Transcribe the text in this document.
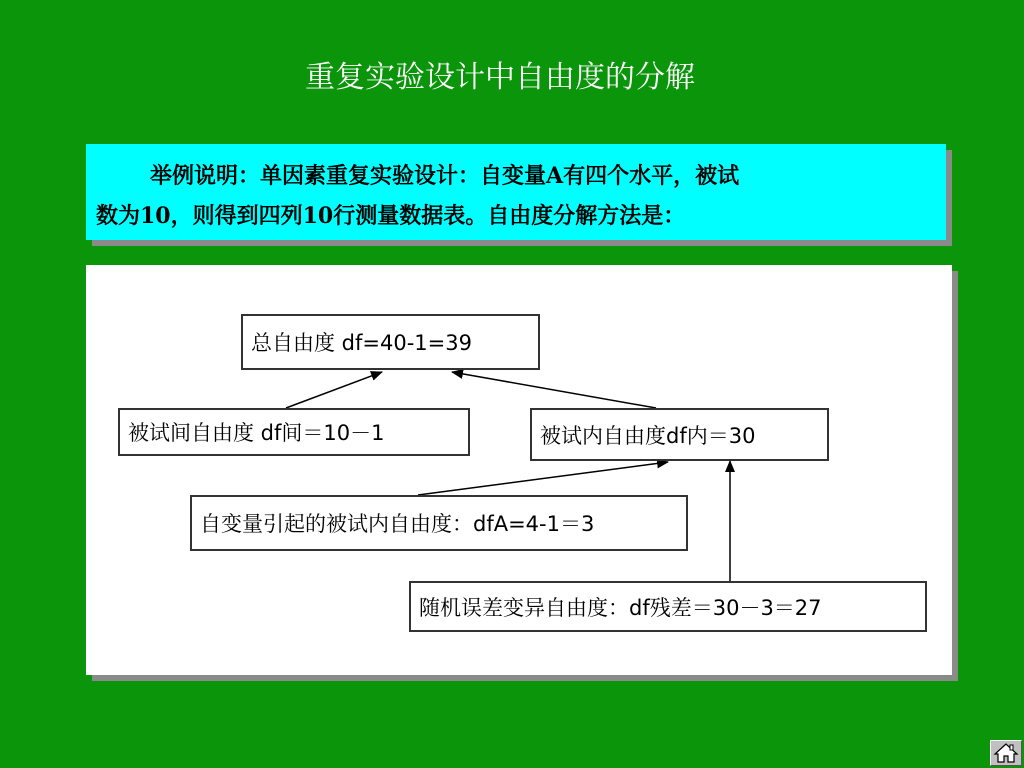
重复实验设计中自由度的分解
举例说明：单因素重复实验设计：自变量A有四个水平，被试
数为10，则得到四列10行测量数据表。自由度分解方法是：
总自由度 df=40-1=39
被试间自由度 df间＝10－1	被试内自由度df内＝30
自变量引起的被试内自由度：dfA=4-1＝3
随机误差变异自由度：df残差＝30－3＝27
